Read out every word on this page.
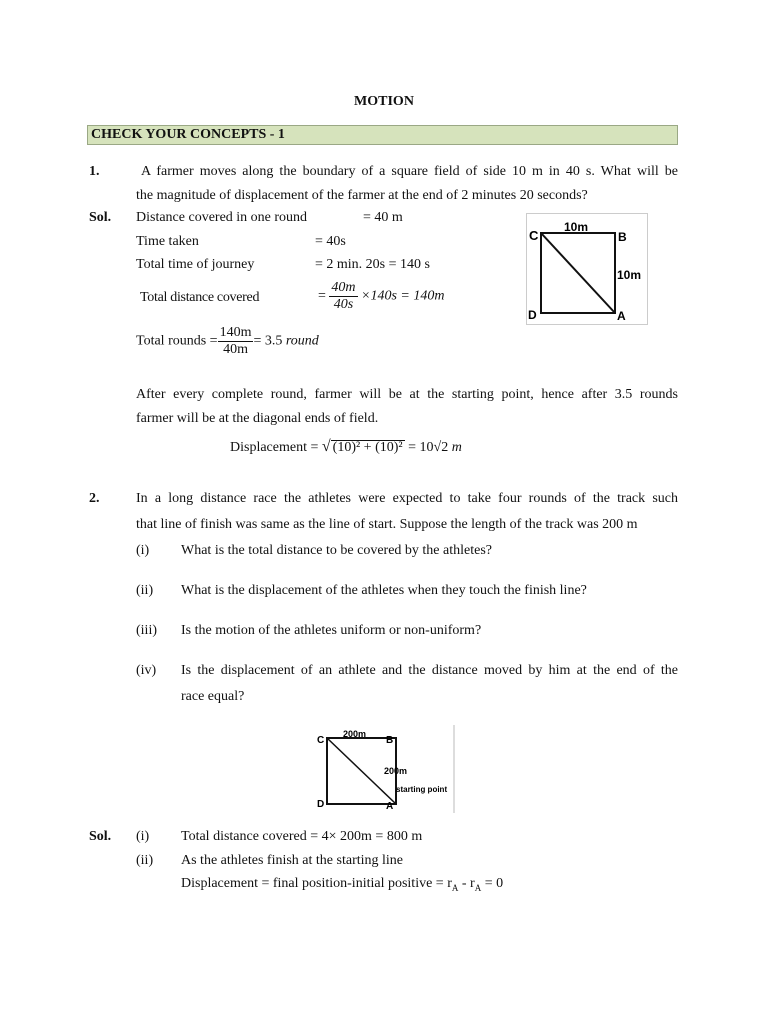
MOTION
CHECK YOUR CONCEPTS - 1
1.	A farmer moves along the boundary of a square field of side 10 m in 40 s. What will be
the magnitude of displacement of the farmer at the end of 2 minutes 20 seconds?
Sol. Distance covered in one round	= 40 m
Time taken	= 40s
Total time of journey	= 2 min. 20s = 140 s
Total distance covered	= $\frac{40m}{40s} \times 140s = 140m$
Total rounds = $\frac{140m}{40m} = 3.5$ round
After every complete round, farmer will be at the starting point, hence after 3.5 rounds
farmer will be at the diagonal ends of field.
Displacement = √ (10)² + (10)² = 10√2 m
C	B
D	A
10m
10m
2.	In a long distance race the athletes were expected to take four rounds of the track such
that line of finish was same as the line of start. Suppose the length of the track was 200 m
(i) What is the total distance to be covered by the athletes?
(ii) What is the displacement of the athletes when they touch the finish line?
(iii) Is the motion of the athletes uniform or non-uniform?
(iv) Is the displacement of an athlete and the distance moved by him at the end of the
race equal?
C	B
D	A
200m
200m
starting point
Sol. (i) Total distance covered = 4× 200m = 800 m
(ii) As the athletes finish at the starting line
Displacement = final position-initial positive = $r_A - r_A = 0$
